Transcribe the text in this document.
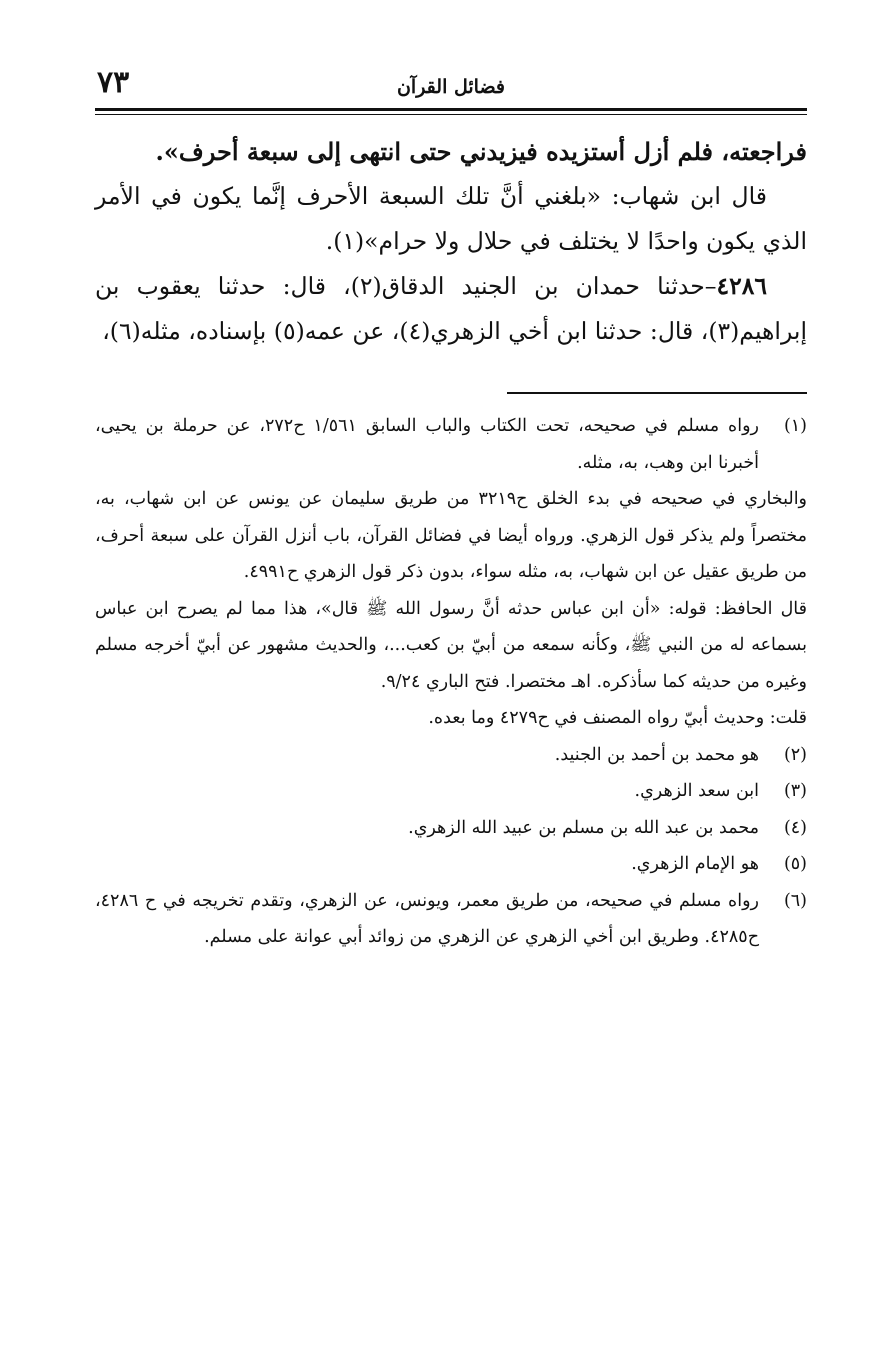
٧٣	فضائل القرآن

فراجعته، فلم أزل أستزيده فيزيدني حتى انتهى إلى سبعة أحرف».

قال ابن شهاب: «بلغني أنَّ تلك السبعة الأحرف إنَّما يكون في الأمر الذي يكون واحدًا لا يختلف في حلال ولا حرام»(١).

٤٢٨٦–حدثنا حمدان بن الجنيد الدقاق(٢)، قال: حدثنا يعقوب بن إبراهيم(٣)، قال: حدثنا ابن أخي الزهري(٤)، عن عمه(٥) بإسناده، مثله(٦)،

(١)

رواه مسلم في صحيحه، تحت الكتاب والباب السابق ١/٥٦١ ح٢٧٢، عن حرملة بن يحيى، أخبرنا ابن وهب، به، مثله.

والبخاري في صحيحه في بدء الخلق ح٣٢١٩ من طريق سليمان عن يونس عن ابن شهاب، به، مختصراً ولم يذكر قول الزهري. ورواه أيضا في فضائل القرآن، باب أنزل القرآن على سبعة أحرف، من طريق عقيل عن ابن شهاب، به، مثله سواء، بدون ذكر قول الزهري ح٤٩٩١.

قال الحافظ: قوله: «أن ابن عباس حدثه أنَّ رسول الله ﷺ قال»، هذا مما لم يصرح ابن عباس بسماعه له من النبي ﷺ، وكأنه سمعه من أبيّ بن كعب...، والحديث مشهور عن أبيّ أخرجه مسلم وغيره من حديثه كما سأذكره. اهـ مختصرا. فتح الباري ٩/٢٤.

قلت: وحديث أبيّ رواه المصنف في ح٤٢٧٩ وما بعده.

(٢)

هو محمد بن أحمد بن الجنيد.

(٣)

ابن سعد الزهري.

(٤)

محمد بن عبد الله بن مسلم بن عبيد الله الزهري.

(٥)

هو الإمام الزهري.

(٦)

رواه مسلم في صحيحه، من طريق معمر، ويونس، عن الزهري، وتقدم تخريجه في ح ٤٢٨٦، ح٤٢٨٥. وطريق ابن أخي الزهري عن الزهري من زوائد أبي عوانة على مسلم.
